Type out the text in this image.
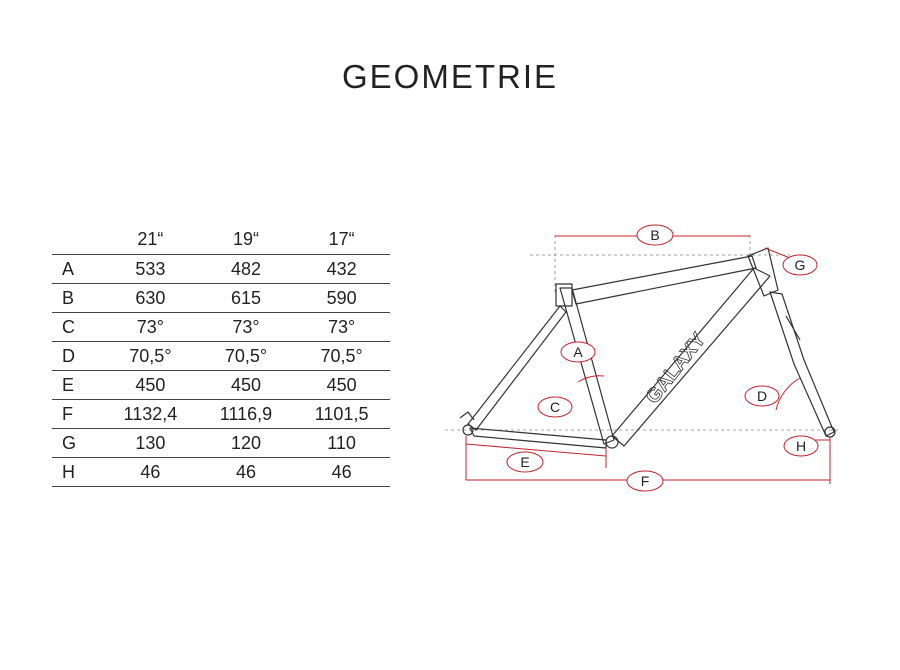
GEOMETRIE
	21“	19“	17“
A	533	482	432
B	630	615	590
C	73°	73°	73°
D	70,5°	70,5°	70,5°
E	450	450	450
F	1132,4	1116,9	1101,5
G	130	120	110
H	46	46	46
GALAXY
B
G
A
C
D
E
F
H
